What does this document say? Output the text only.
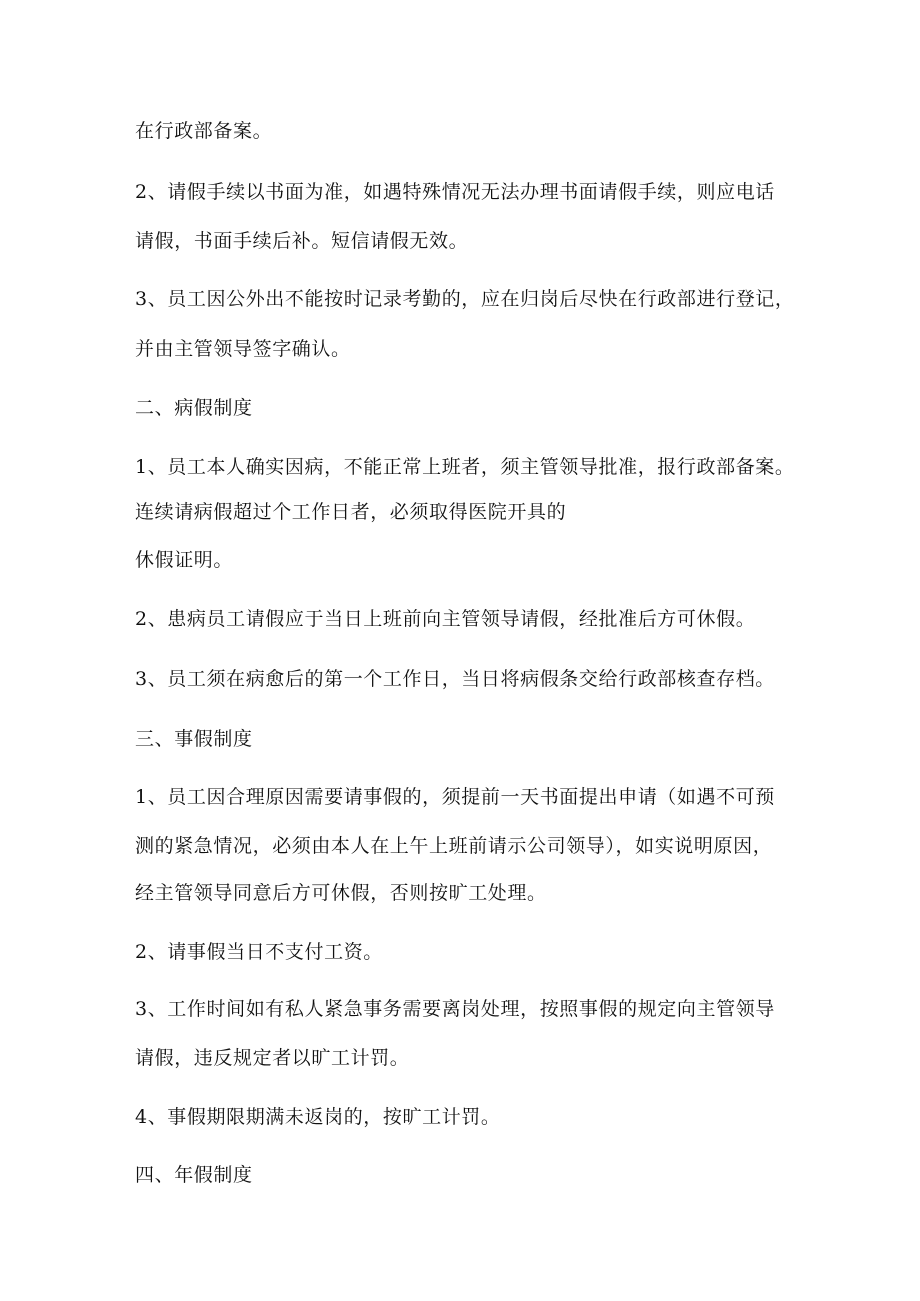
在行政部备案。
2、请假手续以书面为准，如遇特殊情况无法办理书面请假手续，则应电话
请假，书面手续后补。短信请假无效。
3、员工因公外出不能按时记录考勤的，应在归岗后尽快在行政部进行登记，
并由主管领导签字确认。
二、病假制度
1、员工本人确实因病，不能正常上班者，须主管领导批准，报行政部备案。
连续请病假超过个工作日者，必须取得医院开具的
休假证明。
2、患病员工请假应于当日上班前向主管领导请假，经批准后方可休假。
3、员工须在病愈后的第一个工作日，当日将病假条交给行政部核查存档。
三、事假制度
1、员工因合理原因需要请事假的，须提前一天书面提出申请（如遇不可预
测的紧急情况，必须由本人在上午上班前请示公司领导），如实说明原因，
经主管领导同意后方可休假，否则按旷工处理。
2、请事假当日不支付工资。
3、工作时间如有私人紧急事务需要离岗处理，按照事假的规定向主管领导
请假，违反规定者以旷工计罚。
4、事假期限期满未返岗的，按旷工计罚。
四、年假制度
